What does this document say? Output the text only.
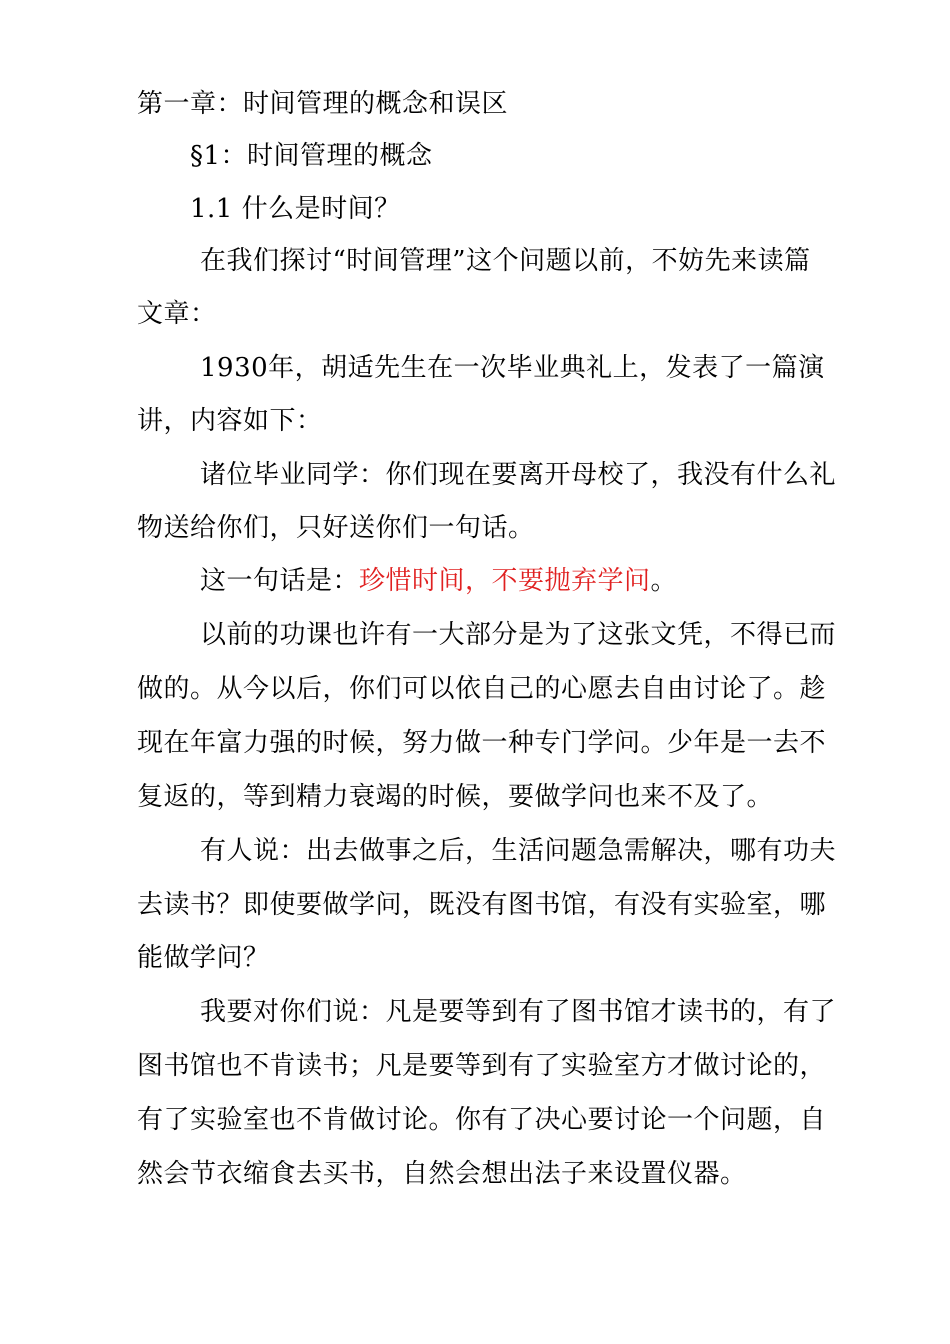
第一章：时间管理的概念和误区
§1：时间管理的概念
1.1 什么是时间？
在我们探讨“时间管理”这个问题以前，不妨先来读篇
文章：
1930年，胡适先生在一次毕业典礼上，发表了一篇演
讲，内容如下：
诸位毕业同学：你们现在要离开母校了，我没有什么礼
物送给你们，只好送你们一句话。
这一句话是：珍惜时间，不要抛弃学问。
以前的功课也许有一大部分是为了这张文凭，不得已而
做的。从今以后，你们可以依自己的心愿去自由讨论了。趁
现在年富力强的时候，努力做一种专门学问。少年是一去不
复返的，等到精力衰竭的时候，要做学问也来不及了。
有人说：出去做事之后，生活问题急需解决，哪有功夫
去读书？即使要做学问，既没有图书馆，有没有实验室，哪
能做学问？
我要对你们说：凡是要等到有了图书馆才读书的，有了
图书馆也不肯读书；凡是要等到有了实验室方才做讨论的，
有了实验室也不肯做讨论。你有了决心要讨论一个问题，自
然会节衣缩食去买书，自然会想出法子来设置仪器。
